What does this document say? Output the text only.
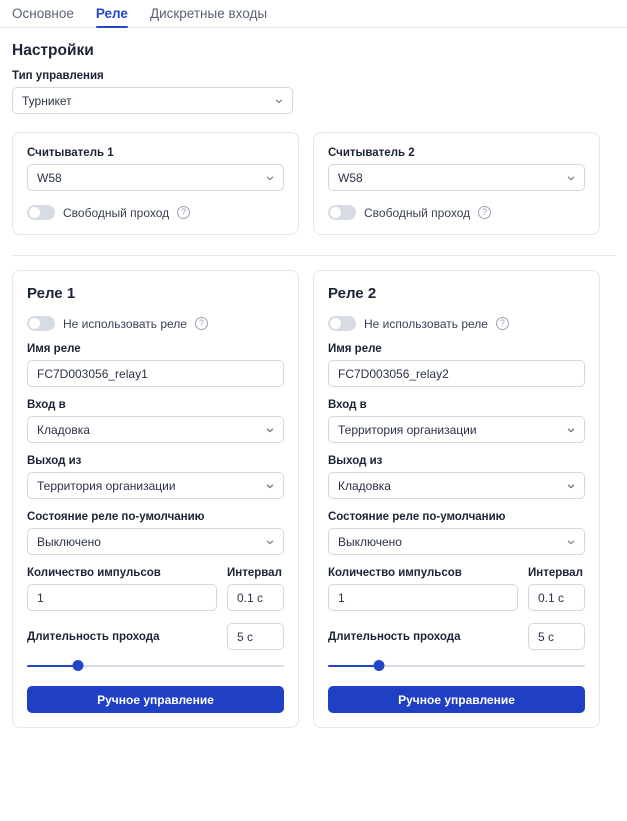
Основное Реле Дискретные входы
Настройки
Тип управления
Турникет
Считыватель 1
W58
Свободный проход	?
Считыватель 2
W58
Свободный проход	?
Реле 1
Не использовать реле	?
Имя реле
FC7D003056_relay1
Вход в
Кладовка
Выход из
Территория организации
Состояние реле по-умолчанию
Выключено
Количество импульсов
1
Интервал
0.1 с
Длительность прохода	5 с
Ручное управление
Реле 2
Не использовать реле	?
Имя реле
FC7D003056_relay2
Вход в
Территория организации
Выход из
Кладовка
Состояние реле по-умолчанию
Выключено
Количество импульсов
1
Интервал
0.1 с
Длительность прохода	5 с
Ручное управление
